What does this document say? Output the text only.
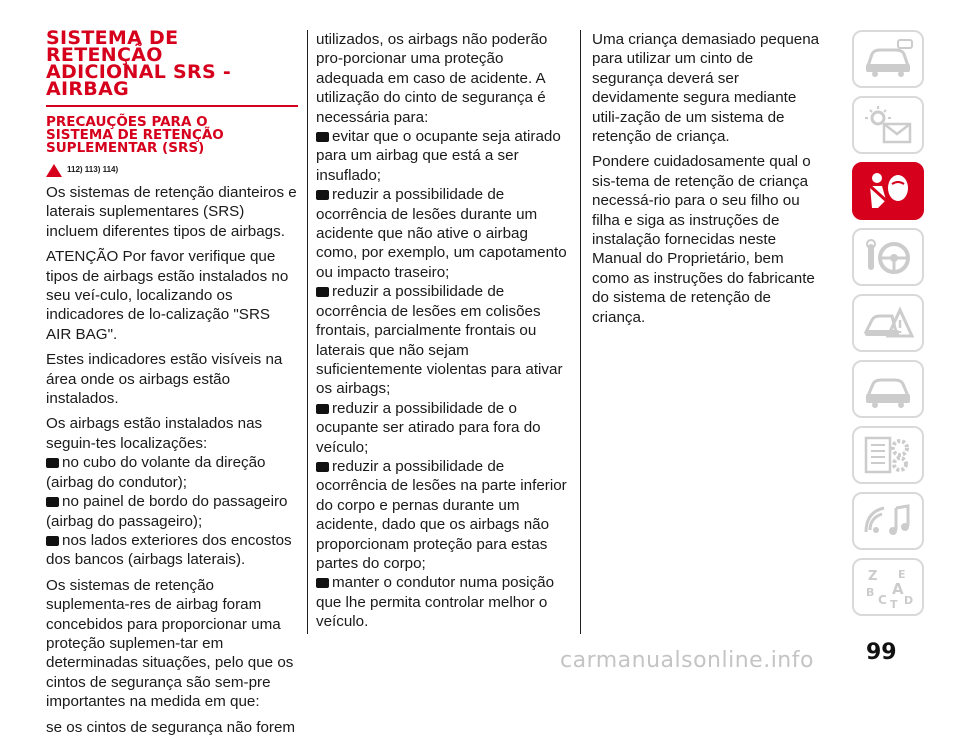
SISTEMA DE
RETENÇÃO
ADICIONAL SRS -
AIRBAG
PRECAUÇÕES PARA O
SISTEMA DE RETENÇÃO
SUPLEMENTAR (SRS)
112) 113) 114)

Os sistemas de retenção dianteiros e laterais suplementares (SRS) incluem diferentes tipos de airbags.

ATENÇÃO Por favor verifique que tipos de airbags estão instalados no seu veí-culo, localizando os indicadores de lo-calização "SRS AIR BAG".

Estes indicadores estão visíveis na área onde os airbags estão instalados.

Os airbags estão instalados nas seguin-tes localizações:

no cubo do volante da direção (airbag do condutor);
no painel de bordo do passageiro (airbag do passageiro);
nos lados exteriores dos encostos dos bancos (airbags laterais).

Os sistemas de retenção suplementa-res de airbag foram concebidos para proporcionar uma proteção suplemen-tar em determinadas situações, pelo que os cintos de segurança são sem-pre importantes na medida em que:

se os cintos de segurança não forem

utilizados, os airbags não poderão pro-porcionar uma proteção adequada em caso de acidente. A utilização do cinto de segurança é necessária para:

evitar que o ocupante seja atirado para um airbag que está a ser insuflado;
reduzir a possibilidade de ocorrência de lesões durante um acidente que não ative o airbag como, por exemplo, um capotamento ou impacto traseiro;
reduzir a possibilidade de ocorrência de lesões em colisões frontais, parcialmente frontais ou laterais que não sejam suficientemente violentas para ativar os airbags;
reduzir a possibilidade de o ocupante ser atirado para fora do veículo;
reduzir a possibilidade de ocorrência de lesões na parte inferior do corpo e pernas durante um acidente, dado que os airbags não proporcionam proteção para estas partes do corpo;
manter o condutor numa posição que lhe permita controlar melhor o veículo.

Uma criança demasiado pequena para utilizar um cinto de segurança deverá ser devidamente segura mediante utili-zação de um sistema de retenção de criança.

Pondere cuidadosamente qual o sis-tema de retenção de criança necessá-rio para o seu filho ou filha e siga as instruções de instalação fornecidas neste Manual do Proprietário, bem como as instruções do fabricante do sistema de retenção de criança.

Z E
B A
C D
T
99
carmanualsonline.info
